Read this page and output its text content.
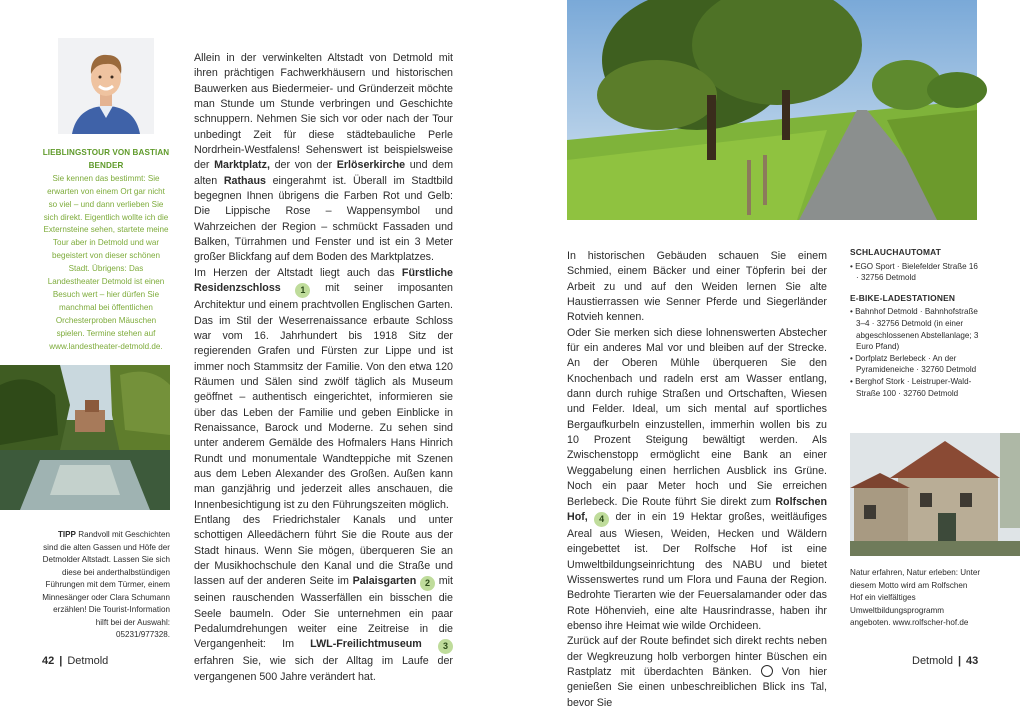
LIEBLINGSTOUR VON BASTIAN BENDER
Sie kennen das bestimmt: Sie erwarten von einem Ort gar nicht so viel – und dann verlieben Sie sich direkt. Eigentlich wollte ich die Externsteine sehen, startete meine Tour aber in Detmold und war begeistert von dieser schönen Stadt. Übrigens: Das Landestheater Detmold ist einen Besuch wert – hier dürfen Sie manchmal bei öffentlichen Orchesterproben Mäuschen spielen. Termine stehen auf www.landestheater-detmold.de.
TIPP Randvoll mit Geschichten sind die alten Gassen und Höfe der Detmolder Altstadt. Lassen Sie sich diese bei anderthalbstündigen Führungen mit dem Türmer, einem Minnesänger oder Clara Schumann erzählen! Die Tourist-Information hilft bei der Auswahl: 05231/977328.

Allein in der verwinkelten Altstadt von Detmold mit ihren prächtigen Fachwerkhäusern und historischen Bauwerken aus Biedermeier- und Gründerzeit möchte man Stunde um Stunde verbringen und Geschichte schnuppern. Nehmen Sie sich vor oder nach der Tour unbedingt Zeit für diese städtebauliche Perle Nordrhein-Westfalens! Sehenswert ist beispielsweise der Marktplatz, der von der Erlöserkirche und dem alten Rathaus eingerahmt ist. Überall im Stadtbild begegnen Ihnen übrigens die Farben Rot und Gelb: Die Lippische Rose – Wappensymbol und Wahrzeichen der Region – schmückt Fassaden und Balken, Türrahmen und Fenster und ist ein 3 Meter großer Blickfang auf dem Boden des Marktplatzes.

Im Herzen der Altstadt liegt auch das Fürstliche Residenzschloss 1 mit seiner imposanten Architektur und einem prachtvollen Englischen Garten. Das im Stil der Weserrenaissance erbaute Schloss war vom 16. Jahrhundert bis 1918 Sitz der regierenden Grafen und Fürsten zur Lippe und ist immer noch Stammsitz der Familie. Von den etwa 120 Räumen und Sälen sind zwölf täglich als Museum geöffnet – authentisch eingerichtet, informieren sie über das Leben der Familie und geben Einblicke in Renaissance, Barock und Moderne. Zu sehen sind unter anderem Gemälde des Hofmalers Hans Hinrich Rundt und monumentale Wandteppiche mit Szenen aus dem Leben Alexander des Großen. Außen kann man ganzjährig und jederzeit alles anschauen, die Innenbesichtigung ist zu den Führungszeiten möglich.

Entlang des Friedrichstaler Kanals und unter schottigen Alleedächern führt Sie die Route aus der Stadt hinaus. Wenn Sie mögen, überqueren Sie an der Musikhochschule den Kanal und die Straße und lassen auf der anderen Seite im Palaisgarten 2 mit seinen rauschenden Wasserfällen ein bisschen die Seele baumeln. Oder Sie unternehmen ein paar Pedalumdrehungen weiter eine Zeitreise in die Vergangenheit: Im LWL-Freilichtmuseum 3 erfahren Sie, wie sich der Alltag im Laufe der vergangenen 500 Jahre verändert hat.

42 | Detmold

In historischen Gebäuden schauen Sie einem Schmied, einem Bäcker und einer Töpferin bei der Arbeit zu und auf den Weiden lernen Sie alte Haustierrassen wie Senner Pferde und Siegerländer Rotvieh kennen.

Oder Sie merken sich diese lohnenswerten Abstecher für ein anderes Mal vor und bleiben auf der Strecke. An der Oberen Mühle überqueren Sie den Knochenbach und radeln erst am Wasser entlang, dann durch ruhige Straßen und Ortschaften, Wiesen und Felder. Ideal, um sich mental auf sportliches Bergaufkurbeln einzustellen, immerhin wollen bis zu 10 Prozent Steigung bewältigt werden. Als Zwischenstopp ermöglicht eine Bank an einer Weggabelung einen herrlichen Ausblick ins Grüne. Noch ein paar Meter hoch und Sie erreichen Berlebeck. Die Route führt Sie direkt zum Rolfschen Hof, 4 der in ein 19 Hektar großes, weitläufiges Areal aus Wiesen, Weiden, Hecken und Wäldern eingebettet ist. Der Rolfsche Hof ist eine Umweltbildungseinrichtung des NABU und bietet Wissenswertes rund um Flora und Fauna der Region. Bedrohte Tierarten wie der Feuersalamander oder das Rote Höhenvieh, eine alte Hausrindrasse, haben ihr ebenso ihre Heimat wie wilde Orchideen.

Zurück auf der Route befindet sich direkt rechts neben der Wegkreuzung holb verborgen hinter Büschen ein Rastplatz mit überdachten Bänken.  Von hier genießen Sie einen unbeschreiblichen Blick ins Tal, bevor Sie

SCHLAUCHAUTOMAT
• EGO Sport · Bielefelder Straße 16 · 32756 Detmold
E-BIKE-LADESTATIONEN
• Bahnhof Detmold · Bahnhofstraße 3–4 · 32756 Detmold (in einer abgeschlossenen Abstellanlage; 3 Euro Pfand)
• Dorfplatz Berlebeck · An der Pyramideneiche · 32760 Detmold
• Berghof Stork · Leistruper-Wald-Straße 100 · 32760 Detmold
Natur erfahren, Natur erleben: Unter diesem Motto wird am Rolfschen Hof ein vielfältiges Umweltbildungsprogramm angeboten. www.rolfscher-hof.de
Detmold | 43
